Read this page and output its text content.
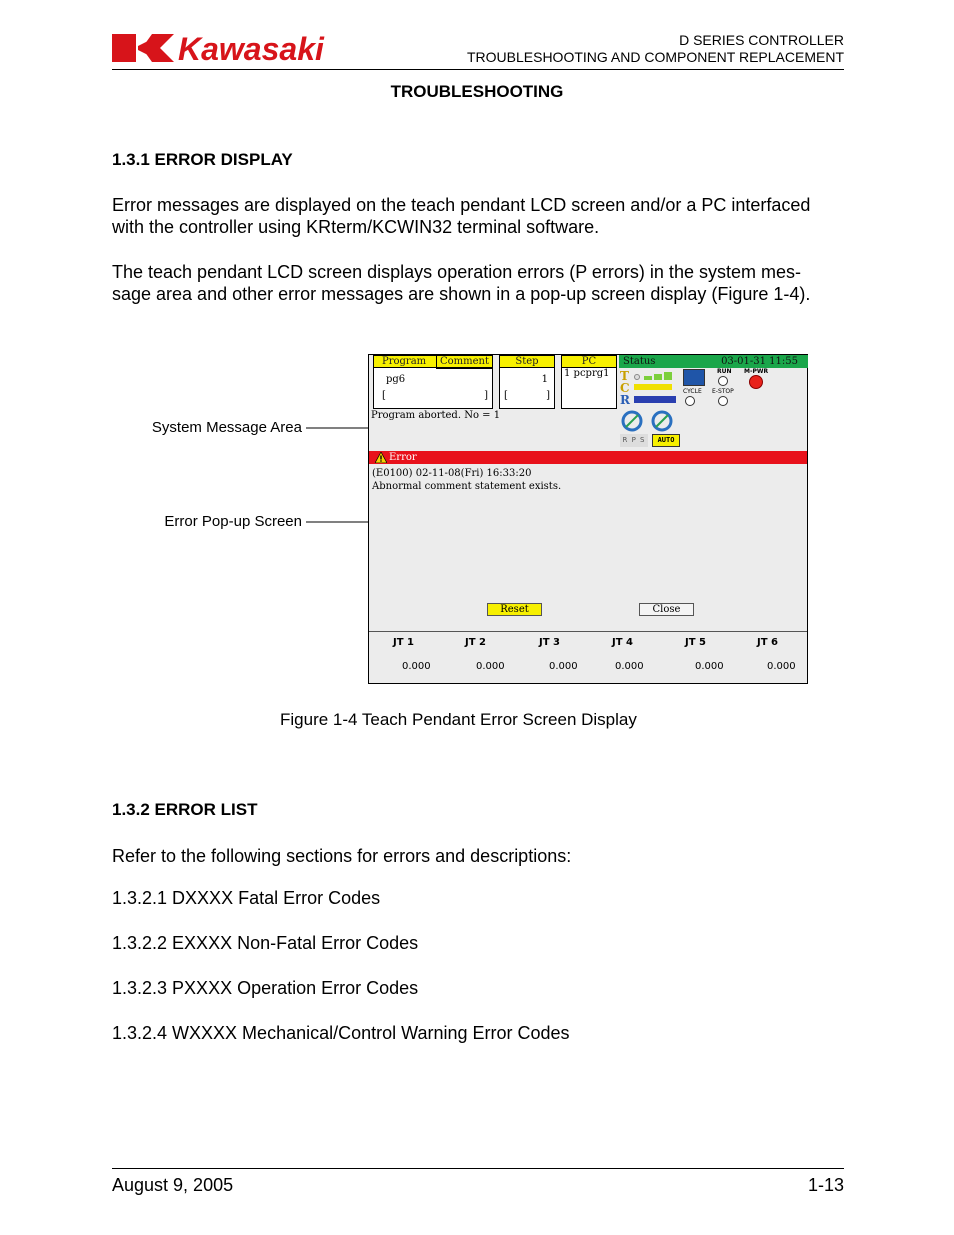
Kawasaki	D SERIES CONTROLLER
TROUBLESHOOTING AND COMPONENT REPLACEMENT
TROUBLESHOOTING
1.3.1 ERROR DISPLAY
Error messages are displayed on the teach pendant LCD screen and/or a PC interfaced
with the controller using KRterm/KCWIN32 terminal software.
The teach pendant LCD screen displays operation errors (P errors) in the system mes-
sage area and other error messages are shown in a pop-up screen display (Figure 1-4).
System Message Area
Error Pop-up Screen
Program	Comment
pg6
[	]
Step
1
[	]
PC
1 pcprg1
Status	03-01-31 11:55
T
C
R
CYCLE
RUN
E-STOP
M-PWR
R P S	AUTO
Program aborted. No = 1
Error
(E0100) 02-11-08(Fri) 16:33:20
Abnormal comment statement exists.
Reset	Close
JT 1	JT 2	JT 3	JT 4	JT 5	JT 6
0.000	0.000	0.000	0.000	0.000	0.000
Figure 1-4 Teach Pendant Error Screen Display
1.3.2 ERROR LIST
Refer to the following sections for errors and descriptions:
1.3.2.1 DXXXX Fatal Error Codes
1.3.2.2 EXXXX Non-Fatal Error Codes
1.3.2.3 PXXXX Operation Error Codes
1.3.2.4 WXXXX Mechanical/Control Warning Error Codes
August 9, 2005	1-13
